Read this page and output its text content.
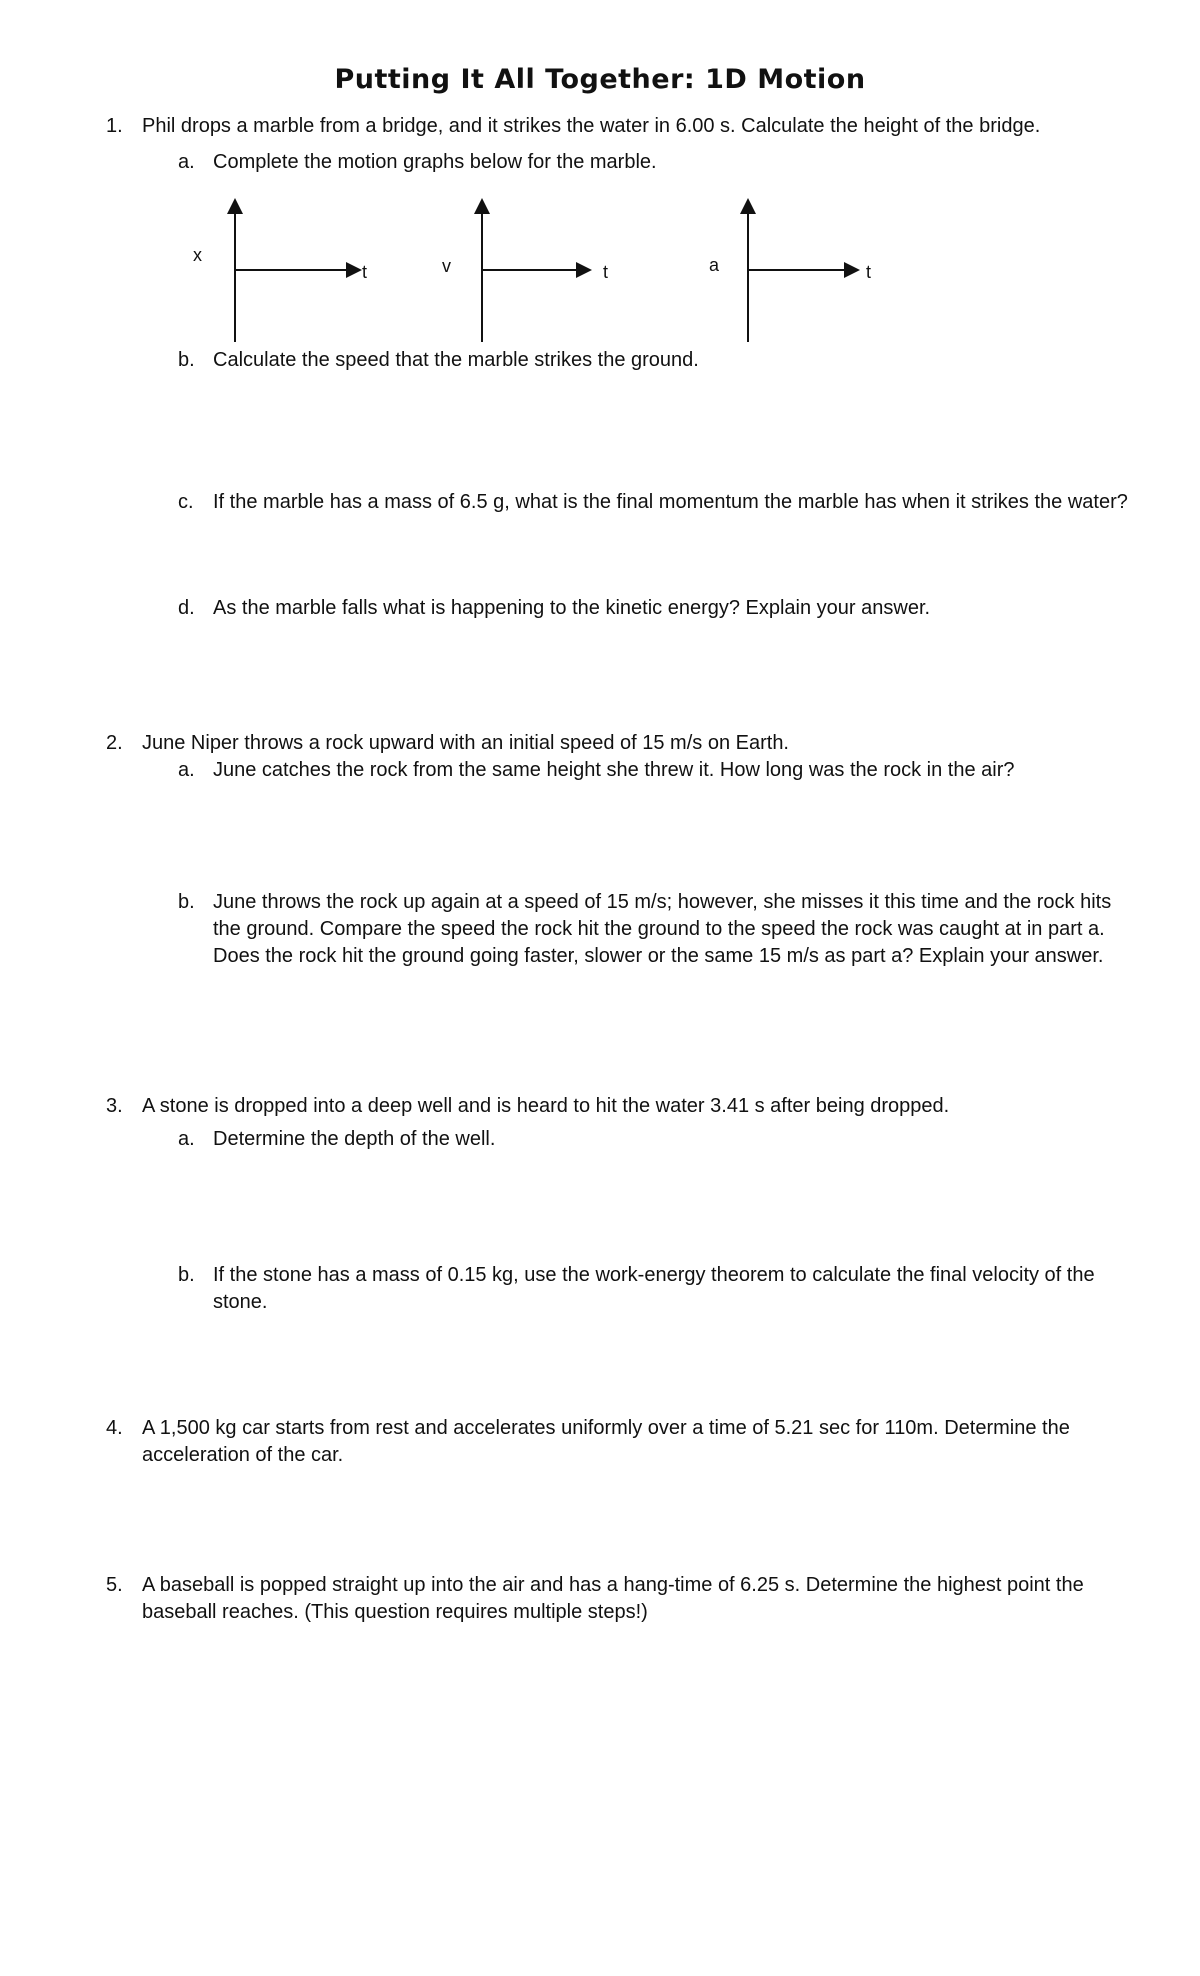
Putting It All Together: 1D Motion
1. Phil drops a marble from a bridge, and it strikes the water in 6.00 s. Calculate the height of the bridge.
a. Complete the motion graphs below for the marble.
x
t	v	t	a	t
b. Calculate the speed that the marble strikes the ground.
c. If the marble has a mass of 6.5 g, what is the final momentum the marble has when it strikes the water?
d. As the marble falls what is happening to the kinetic energy? Explain your answer.
2. June Niper throws a rock upward with an initial speed of 15 m/s on Earth.
a. June catches the rock from the same height she threw it. How long was the rock in the air?
b. June throws the rock up again at a speed of 15 m/s; however, she misses it this time and the rock hits
the ground. Compare the speed the rock hit the ground to the speed the rock was caught at in part a.
Does the rock hit the ground going faster, slower or the same 15 m/s as part a? Explain your answer.
3. A stone is dropped into a deep well and is heard to hit the water 3.41 s after being dropped.
a. Determine the depth of the well.
b. If the stone has a mass of 0.15 kg, use the work-energy theorem to calculate the final velocity of the
stone.
4. A 1,500 kg car starts from rest and accelerates uniformly over a time of 5.21 sec for 110m. Determine the
acceleration of the car.
5. A baseball is popped straight up into the air and has a hang-time of 6.25 s. Determine the highest point the
baseball reaches. (This question requires multiple steps!)
